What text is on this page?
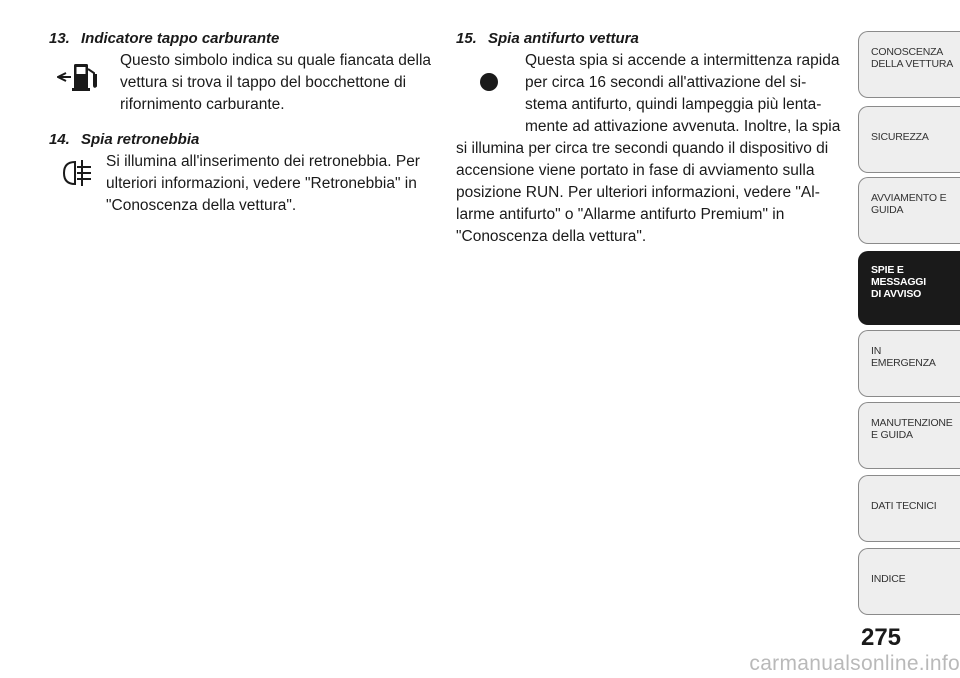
13. Indicatore tappo carburante

Questo simbolo indica su quale fiancata della

vettura si trova il tappo del bocchettone di

rifornimento carburante.

14. Spia retronebbia

Si illumina all'inserimento dei retronebbia. Per

ulteriori informazioni, vedere "Retronebbia" in

"Conoscenza della vettura".

15. Spia antifurto vettura

Questa spia si accende a intermittenza rapida

per circa 16 secondi all'attivazione del si-

stema antifurto, quindi lampeggia più lenta-

mente ad attivazione avvenuta. Inoltre, la spia

si illumina per circa tre secondi quando il dispositivo di

accensione viene portato in fase di avviamento sulla

posizione RUN. Per ulteriori informazioni, vedere "Al-

larme antifurto" o "Allarme antifurto Premium" in

"Conoscenza della vettura".

CONOSCENZA
DELLA VETTURA
SICUREZZA
AVVIAMENTO E
GUIDA
SPIE E
MESSAGGI
DI AVVISO
IN
EMERGENZA
MANUTENZIONE
E GUIDA
DATI TECNICI
INDICE
275
carmanualsonline.info
